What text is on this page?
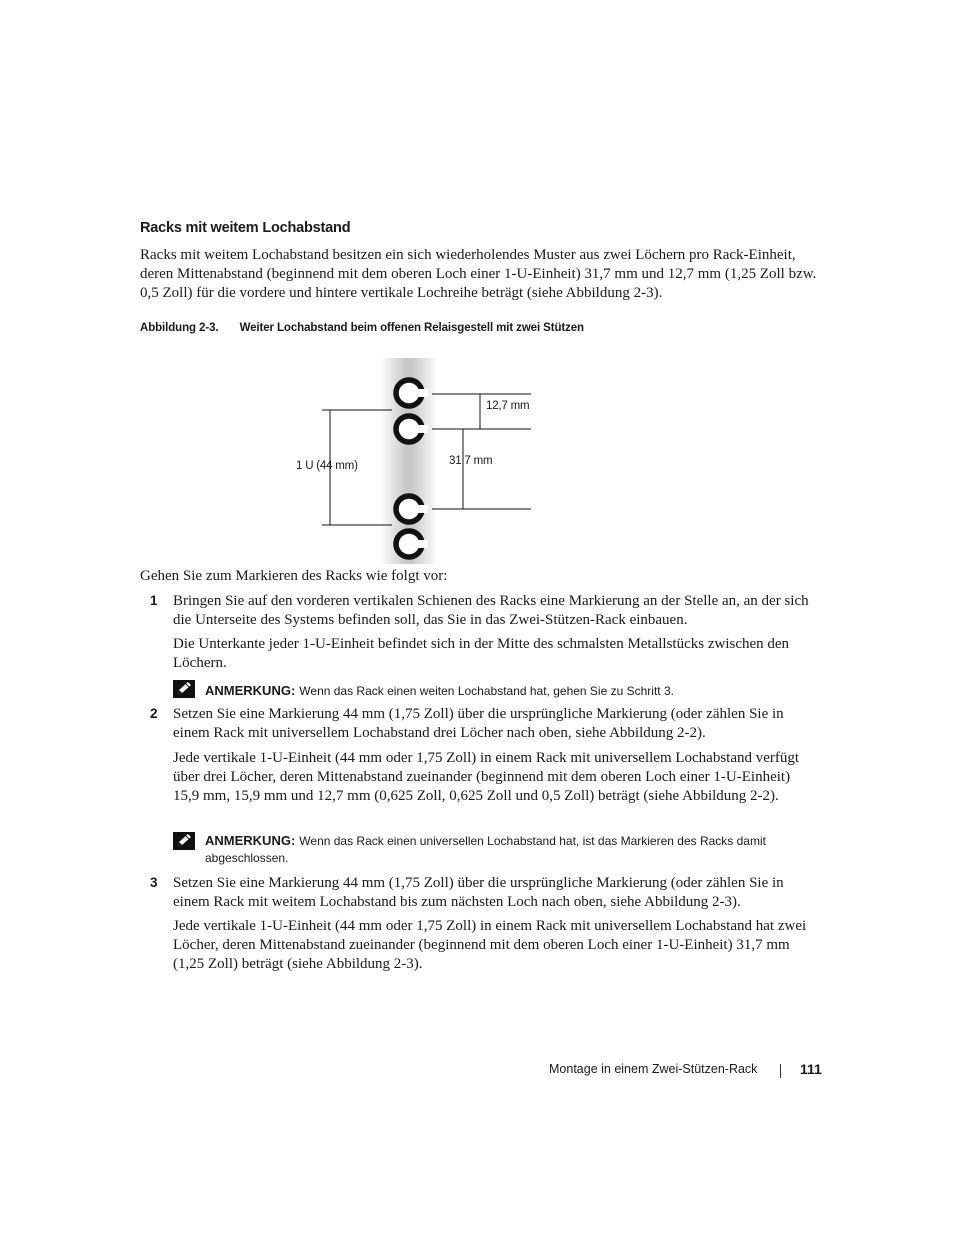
Racks mit weitem Lochabstand

Racks mit weitem Lochabstand besitzen ein sich wiederholendes Muster aus zwei Löchern pro Rack-Einheit, deren Mittenabstand (beginnend mit dem oberen Loch einer 1-U-Einheit) 31,7 mm und 12,7 mm (1,25 Zoll bzw. 0,5 Zoll) für die vordere und hintere vertikale Lochreihe beträgt (siehe Abbildung 2-3).

Abbildung 2-3. Weiter Lochabstand beim offenen Relaisgestell mit zwei Stützen
1 U (44 mm)
12,7 mm
31,7 mm
Gehen Sie zum Markieren des Racks wie folgt vor:
1 Bringen Sie auf den vorderen vertikalen Schienen des Racks eine Markierung an der Stelle an, an der sich die Unterseite des Systems befinden soll, das Sie in das Zwei-Stützen-Rack einbauen.

Die Unterkante jeder 1-U-Einheit befindet sich in der Mitte des schmalsten Metallstücks zwischen den Löchern.

ANMERKUNG: Wenn das Rack einen weiten Lochabstand hat, gehen Sie zu Schritt 3.

2 Setzen Sie eine Markierung 44 mm (1,75 Zoll) über die ursprüngliche Markierung (oder zählen Sie in einem Rack mit universellem Lochabstand drei Löcher nach oben, siehe Abbildung 2-2).

Jede vertikale 1-U-Einheit (44 mm oder 1,75 Zoll) in einem Rack mit universellem Lochabstand verfügt über drei Löcher, deren Mittenabstand zueinander (beginnend mit dem oberen Loch einer 1-U-Einheit) 15,9 mm, 15,9 mm und 12,7 mm (0,625 Zoll, 0,625 Zoll und 0,5 Zoll) beträgt (siehe Abbildung 2-2).

ANMERKUNG: Wenn das Rack einen universellen Lochabstand hat, ist das Markieren des Racks damit abgeschlossen.

3 Setzen Sie eine Markierung 44 mm (1,75 Zoll) über die ursprüngliche Markierung (oder zählen Sie in einem Rack mit weitem Lochabstand bis zum nächsten Loch nach oben, siehe Abbildung 2-3).

Jede vertikale 1-U-Einheit (44 mm oder 1,75 Zoll) in einem Rack mit universellem Lochabstand hat zwei Löcher, deren Mittenabstand zueinander (beginnend mit dem oberen Loch einer 1-U-Einheit) 31,7 mm (1,25 Zoll) beträgt (siehe Abbildung 2-3).

Montage in einem Zwei-Stützen-Rack	111
